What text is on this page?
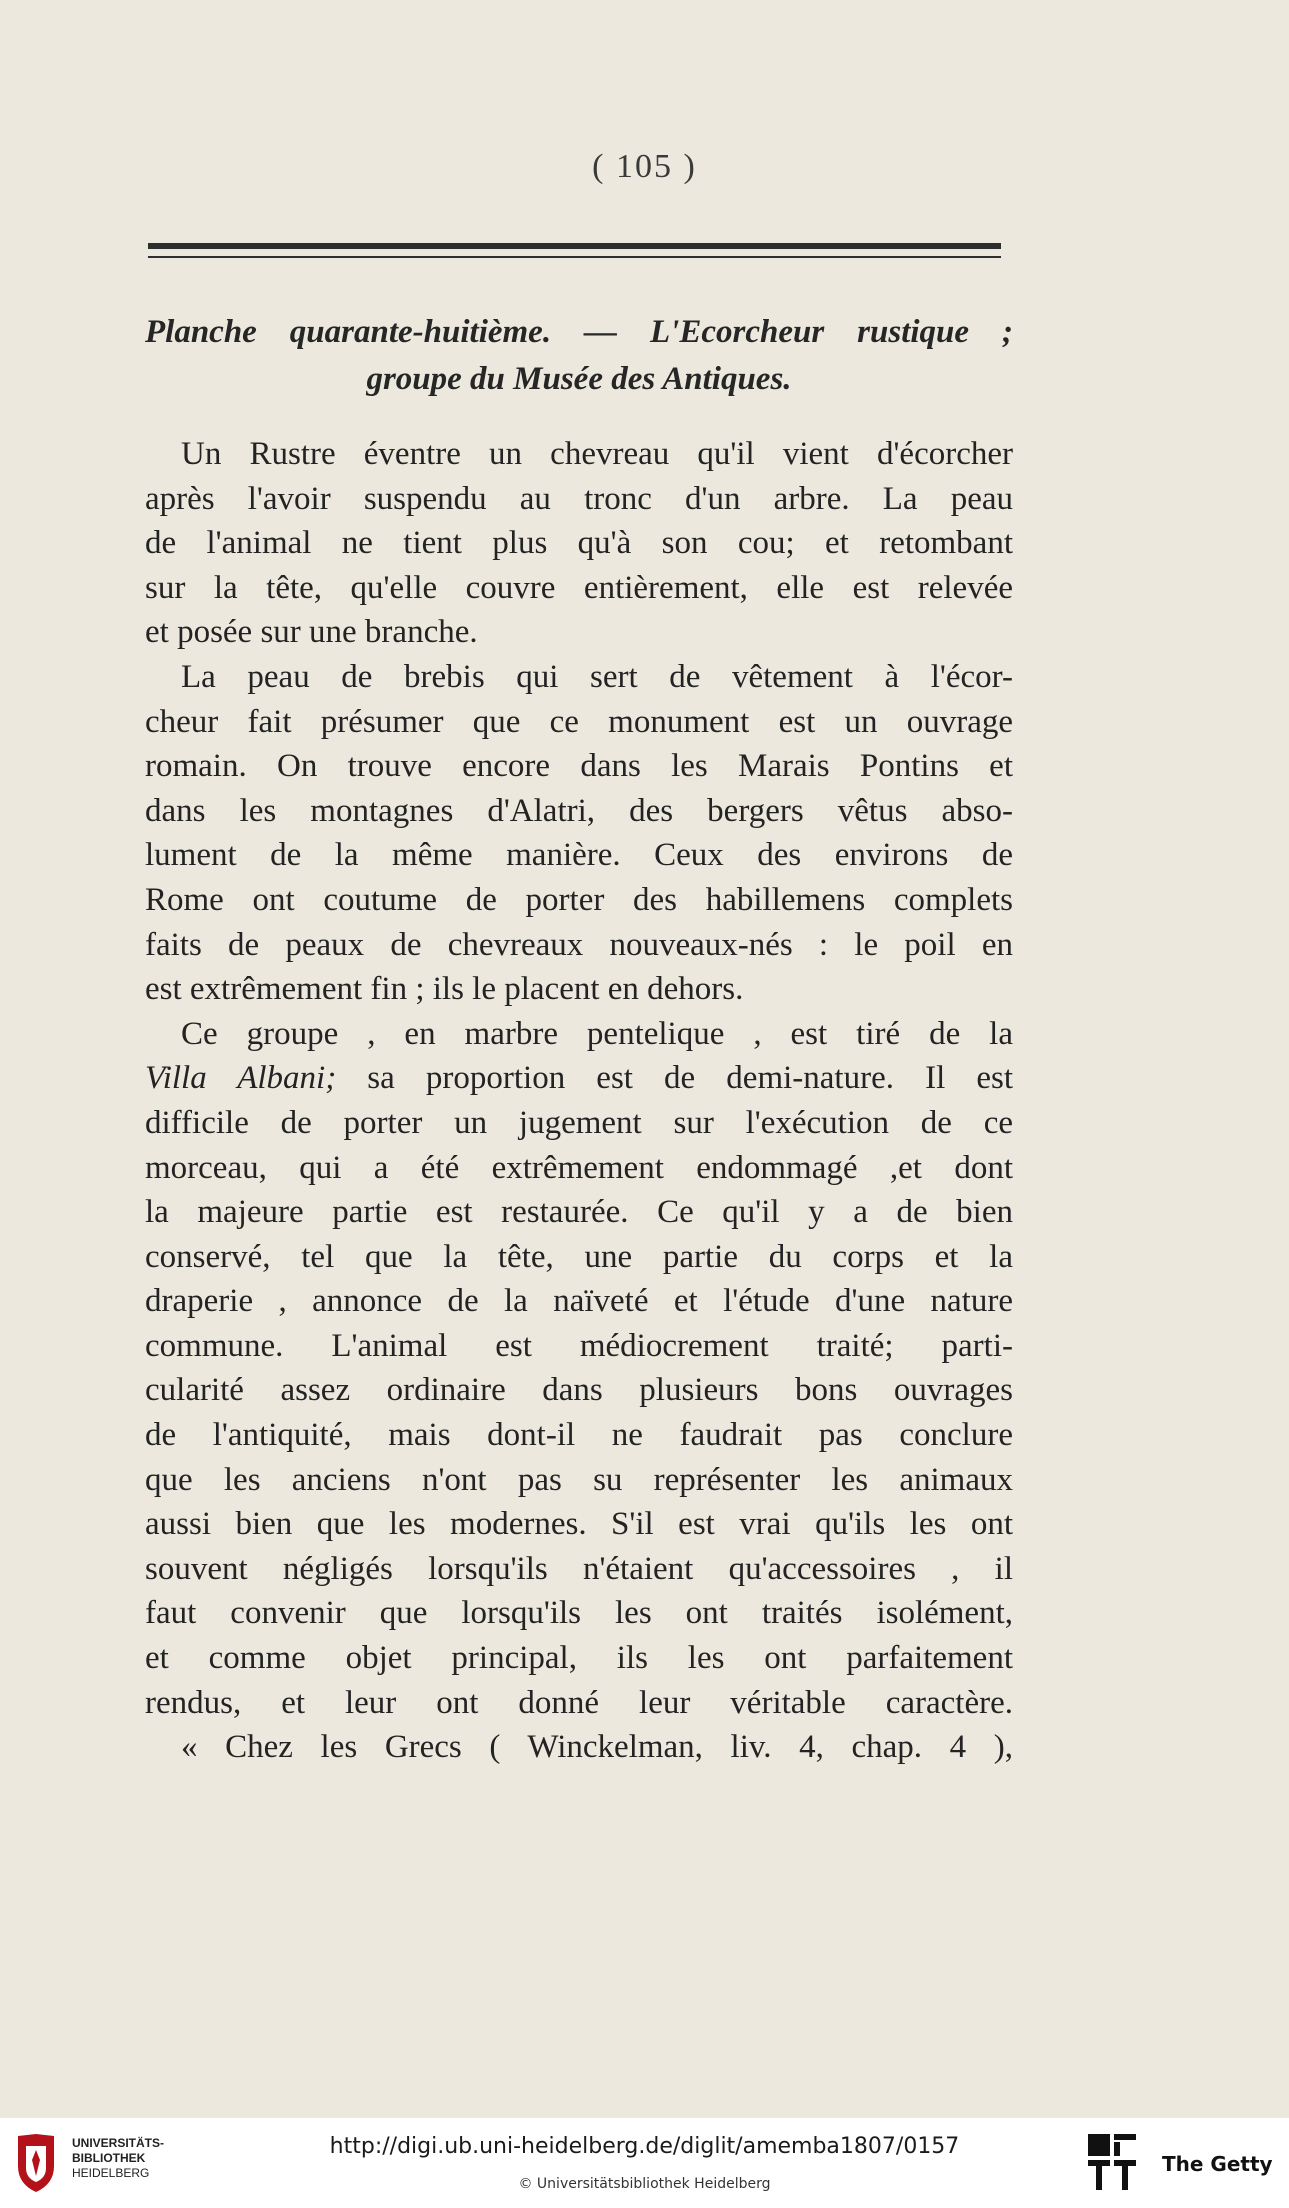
( 105 )
Planche quarante-huitième. — L'Ecorcheur rustique ;
groupe du Musée des Antiques.
Un Rustre éventre un chevreau qu'il vient d'écorcher
après l'avoir suspendu au tronc d'un arbre. La peau
de l'animal ne tient plus qu'à son cou; et retombant
sur la tête, qu'elle couvre entièrement, elle est relevée
et posée sur une branche.
La peau de brebis qui sert de vêtement à l'écor-
cheur fait présumer que ce monument est un ouvrage
romain. On trouve encore dans les Marais Pontins et
dans les montagnes d'Alatri, des bergers vêtus abso-
lument de la même manière. Ceux des environs de
Rome ont coutume de porter des habillemens complets
faits de peaux de chevreaux nouveaux-nés : le poil en
est extrêmement fin ; ils le placent en dehors.
Ce groupe , en marbre pentelique , est tiré de la
Villa Albani; sa proportion est de demi-nature. Il est
difficile de porter un jugement sur l'exécution de ce
morceau, qui a été extrêmement endommagé ,et dont
la majeure partie est restaurée. Ce qu'il y a de bien
conservé, tel que la tête, une partie du corps et la
draperie , annonce de la naïveté et l'étude d'une nature
commune. L'animal est médiocrement traité; parti-
cularité assez ordinaire dans plusieurs bons ouvrages
de l'antiquité, mais dont-il ne faudrait pas conclure
que les anciens n'ont pas su représenter les animaux
aussi bien que les modernes. S'il est vrai qu'ils les ont
souvent négligés lorsqu'ils n'étaient qu'accessoires , il
faut convenir que lorsqu'ils les ont traités isolément,
et comme objet principal, ils les ont parfaitement
rendus, et leur ont donné leur véritable caractère.
« Chez les Grecs ( Winckelman, liv. 4, chap. 4 ),
UNIVERSITÄTS-
BIBLIOTHEK
HEIDELBERG
http://digi.ub.uni-heidelberg.de/diglit/amemba1807/0157
© Universitätsbibliothek Heidelberg
The Getty
